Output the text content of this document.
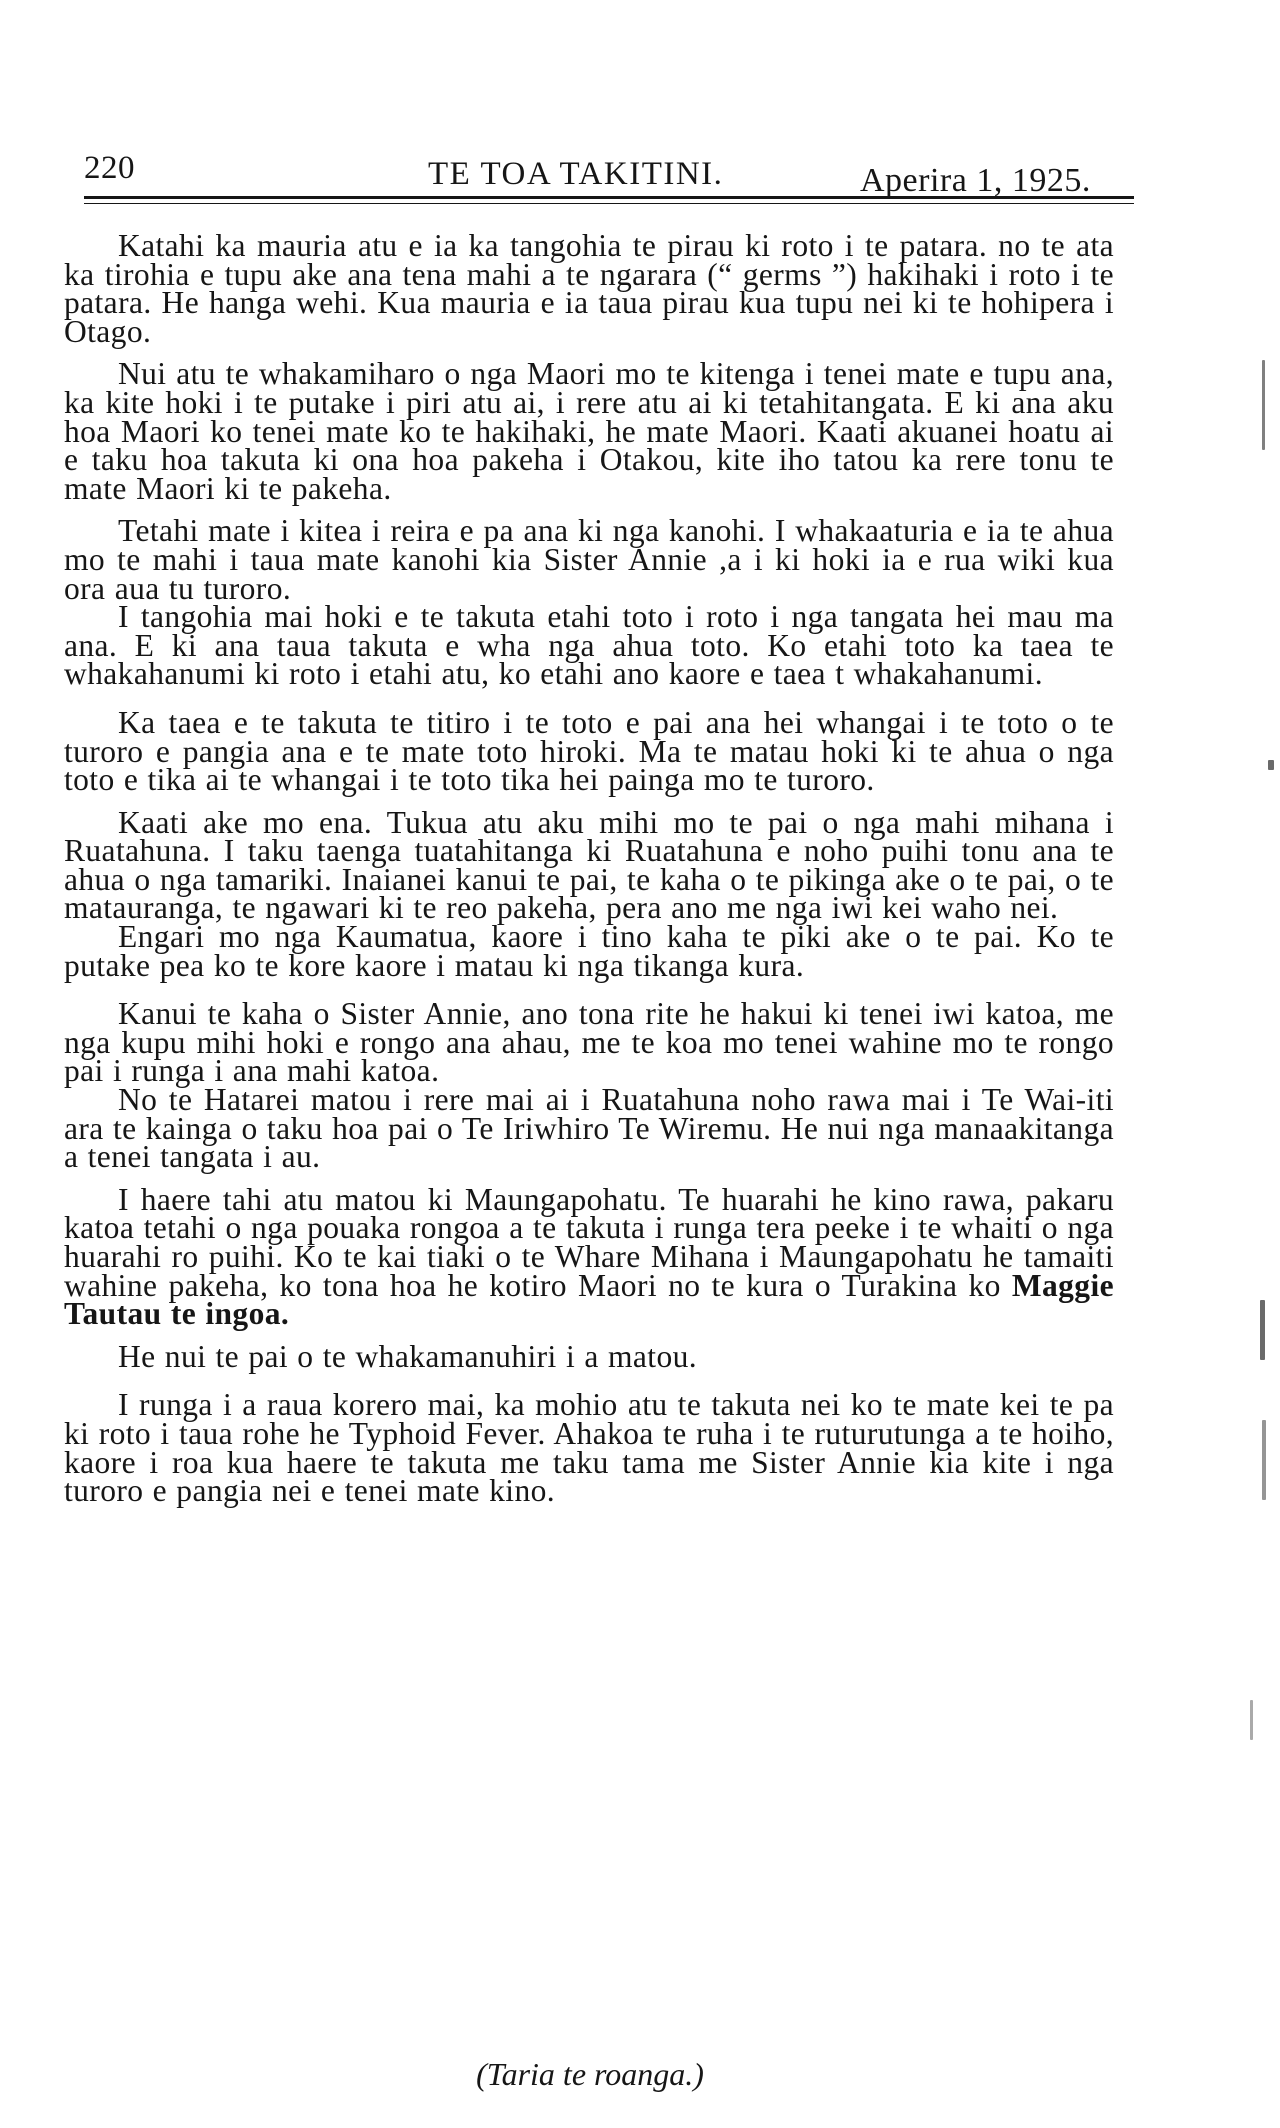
220	TE TOA TAKITINI.	Aperira 1, 1925.

Katahi ka mauria atu e ia ka tangohia te pirau ki roto i te patara. no te ata ka tirohia e tupu ake ana tena mahi a te ngarara (“ germs ”) hakihaki i roto i te patara. He hanga wehi. Kua mauria e ia taua pirau kua tupu nei ki te hohipera i Otago.

Nui atu te whakamiharo o nga Maori mo te kitenga i tenei mate e tupu ana, ka kite hoki i te putake i piri atu ai, i rere atu ai ki tetahitangata. E ki ana aku hoa Maori ko tenei mate ko te hakihaki, he mate Maori. Kaati akuanei hoatu ai e taku hoa takuta ki ona hoa pakeha i Otakou, kite iho tatou ka rere tonu te mate Maori ki te pakeha.

Tetahi mate i kitea i reira e pa ana ki nga kanohi. I whakaaturia e ia te ahua mo te mahi i taua mate kanohi kia Sister Annie ,a i ki hoki ia e rua wiki kua ora aua tu turoro.

I tangohia mai hoki e te takuta etahi toto i roto i nga tangata hei mau ma ana. E ki ana taua takuta e wha nga ahua toto. Ko etahi toto ka taea te whakahanumi ki roto i etahi atu, ko etahi ano kaore e taea t whakahanumi.

Ka taea e te takuta te titiro i te toto e pai ana hei whangai i te toto o te turoro e pangia ana e te mate toto hiroki. Ma te matau hoki ki te ahua o nga toto e tika ai te whangai i te toto tika hei painga mo te turoro.

Kaati ake mo ena. Tukua atu aku mihi mo te pai o nga mahi mihana i Ruatahuna. I taku taenga tuatahitanga ki Ruatahuna e noho puihi tonu ana te ahua o nga tamariki. Inaianei kanui te pai, te kaha o te pikinga ake o te pai, o te matauranga, te ngawari ki te reo pakeha, pera ano me nga iwi kei waho nei.

Engari mo nga Kaumatua, kaore i tino kaha te piki ake o te pai. Ko te putake pea ko te kore kaore i matau ki nga tikanga kura.

Kanui te kaha o Sister Annie, ano tona rite he hakui ki tenei iwi katoa, me nga kupu mihi hoki e rongo ana ahau, me te koa mo tenei wahine mo te rongo pai i runga i ana mahi katoa.

No te Hatarei matou i rere mai ai i Ruatahuna noho rawa mai i Te Wai-iti ara te kainga o taku hoa pai o Te Iriwhiro Te Wiremu. He nui nga manaakitanga a tenei tangata i au.

I haere tahi atu matou ki Maungapohatu. Te huarahi he kino rawa, pakaru katoa tetahi o nga pouaka rongoa a te takuta i runga tera peeke i te whaiti o nga huarahi ro puihi. Ko te kai tiaki o te Whare Mihana i Maungapohatu he tamaiti wahine pakeha, ko tona hoa he kotiro Maori no te kura o Turakina ko Maggie Tautau te ingoa.

He nui te pai o te whakamanuhiri i a matou.

I runga i a raua korero mai, ka mohio atu te takuta nei ko te mate kei te pa ki roto i taua rohe he Typhoid Fever. Ahakoa te ruha i te ruturutunga a te hoiho, kaore i roa kua haere te takuta me taku tama me Sister Annie kia kite i nga turoro e pangia nei e tenei mate kino.

(Taria te roanga.)
